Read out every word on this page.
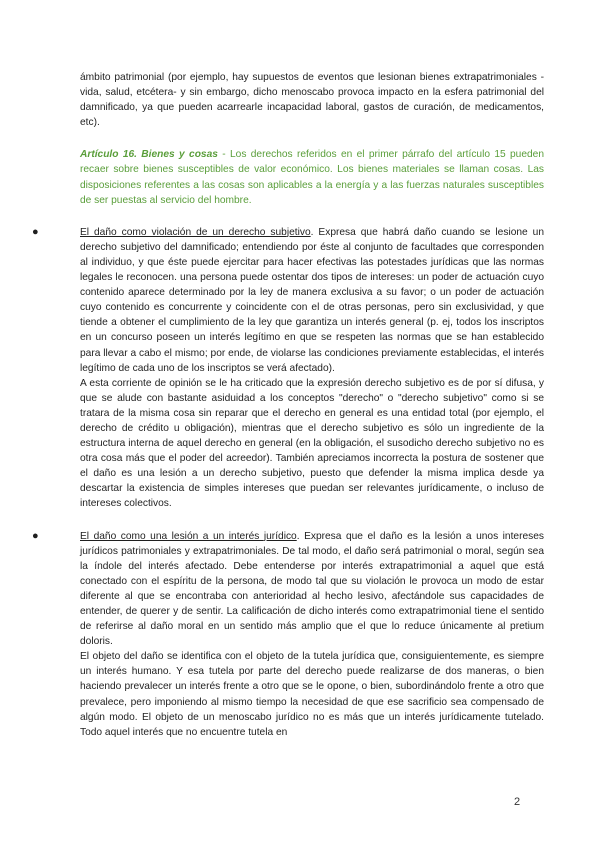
ámbito patrimonial (por ejemplo, hay supuestos de eventos que lesionan bienes extrapatrimoniales -vida, salud, etcétera- y sin embargo, dicho menoscabo provoca impacto en la esfera patrimonial del damnificado, ya que pueden acarrearle incapacidad laboral, gastos de curación, de medicamentos, etc).

Artículo 16. Bienes y cosas - Los derechos referidos en el primer párrafo del artículo 15 pueden recaer sobre bienes susceptibles de valor económico. Los bienes materiales se llaman cosas. Las disposiciones referentes a las cosas son aplicables a la energía y a las fuerzas naturales susceptibles de ser puestas al servicio del hombre.

●	El daño como violación de un derecho subjetivo. Expresa que habrá daño cuando se lesione un derecho subjetivo del damnificado; entendiendo por éste al conjunto de facultades que corresponden al individuo, y que éste puede ejercitar para hacer efectivas las potestades jurídicas que las normas legales le reconocen. una persona puede ostentar dos tipos de intereses: un poder de actuación cuyo contenido aparece determinado por la ley de manera exclusiva a su favor; o un poder de actuación cuyo contenido es concurrente y coincidente con el de otras personas, pero sin exclusividad, y que tiende a obtener el cumplimiento de la ley que garantiza un interés general (p. ej, todos los inscriptos en un concurso poseen un interés legítimo en que se respeten las normas que se han establecido para llevar a cabo el mismo; por ende, de violarse las condiciones previamente establecidas, el interés legítimo de cada uno de los inscriptos se verá afectado).

A esta corriente de opinión se le ha criticado que la expresión derecho subjetivo es de por sí difusa, y que se alude con bastante asiduidad a los conceptos "derecho" o "derecho subjetivo" como si se tratara de la misma cosa sin reparar que el derecho en general es una entidad total (por ejemplo, el derecho de crédito u obligación), mientras que el derecho subjetivo es sólo un ingrediente de la estructura interna de aquel derecho en general (en la obligación, el susodicho derecho subjetivo no es otra cosa más que el poder del acreedor). También apreciamos incorrecta la postura de sostener que el daño es una lesión a un derecho subjetivo, puesto que defender la misma implica desde ya descartar la existencia de simples intereses que puedan ser relevantes jurídicamente, o incluso de intereses colectivos.

●	El daño como una lesión a un interés jurídico. Expresa que el daño es la lesión a unos intereses jurídicos patrimoniales y extrapatrimoniales. De tal modo, el daño será patrimonial o moral, según sea la índole del interés afectado. Debe entenderse por interés extrapatrimonial a aquel que está conectado con el espíritu de la persona, de modo tal que su violación le provoca un modo de estar diferente al que se encontraba con anterioridad al hecho lesivo, afectándole sus capacidades de entender, de querer y de sentir. La calificación de dicho interés como extrapatrimonial tiene el sentido de referirse al daño moral en un sentido más amplio que el que lo reduce únicamente al pretium doloris.

El objeto del daño se identifica con el objeto de la tutela jurídica que, consiguientemente, es siempre un interés humano. Y esa tutela por parte del derecho puede realizarse de dos maneras, o bien haciendo prevalecer un interés frente a otro que se le opone, o bien, subordinándolo frente a otro que prevalece, pero imponiendo al mismo tiempo la necesidad de que ese sacrificio sea compensado de algún modo. El objeto de un menoscabo jurídico no es más que un interés jurídicamente tutelado. Todo aquel interés que no encuentre tutela en

2
